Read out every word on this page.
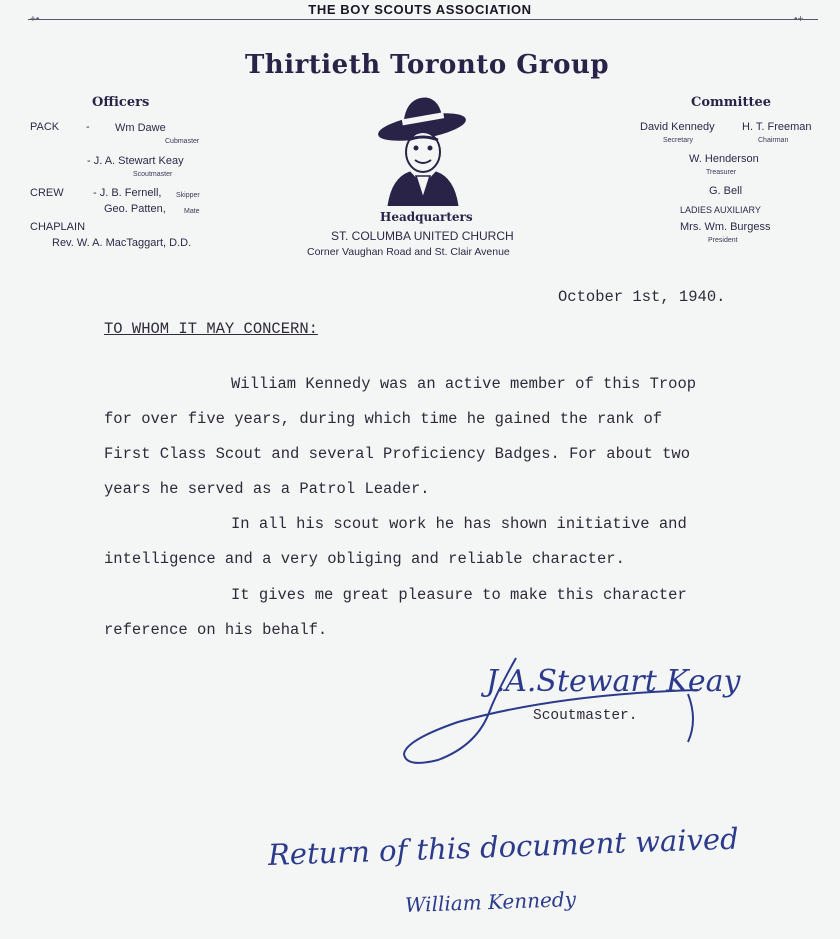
THE BOY SCOUTS ASSOCIATION
+•	•+
Thirtieth Toronto Group
Officers
PACK - Wm Dawe
Cubmaster
- J. A. Stewart Keay
Scoutmaster
CREW	- J. B. Fernell, Skipper
Geo. Patten,	Mate
CHAPLAIN
Rev. W. A. MacTaggart, D.D.
Headquarters
ST. COLUMBA UNITED CHURCH
Corner Vaughan Road and St. Clair Avenue
Committee
David Kennedy
Secretary
H. T. Freeman
Chairman
W. Henderson
Treasurer
G. Bell
LADIES AUXILIARY
Mrs. Wm. Burgess
President
October 1st, 1940.
TO WHOM IT MAY CONCERN:
William Kennedy was an active member of this Troop
for over five years, during which time he gained the rank of
First Class Scout and several Proficiency Badges. For about two
years he served as a Patrol Leader.
In all his scout work he has shown initiative and
intelligence and a very obliging and reliable character.
It gives me great pleasure to make this character
reference on his behalf.
J.A.Stewart Keay
Scoutmaster.
Return of this document waived
William Kennedy
